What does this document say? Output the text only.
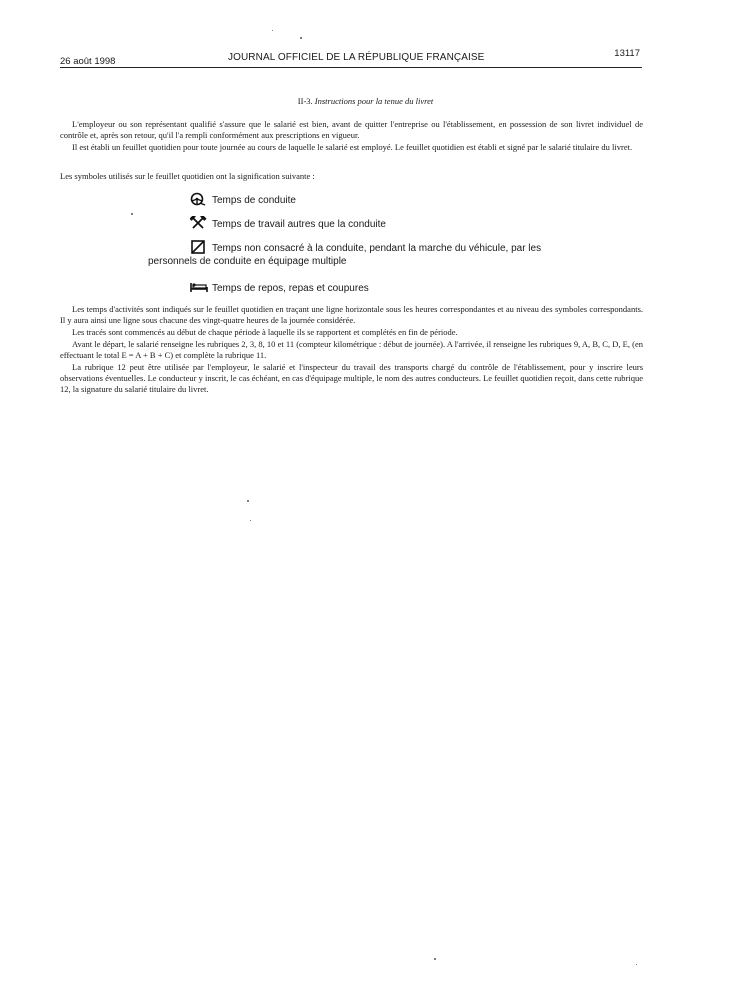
26 août 1998	JOURNAL OFFICIEL DE LA RÉPUBLIQUE FRANÇAISE	13117
II-3. Instructions pour la tenue du livret
L'employeur ou son représentant qualifié s'assure que le salarié est bien, avant de quitter l'entreprise ou l'établissement, en possession de son livret individuel de contrôle et, après son retour, qu'il l'a rempli conformément aux prescriptions en vigueur.
Il est établi un feuillet quotidien pour toute journée au cours de laquelle le salarié est employé. Le feuillet quotidien est établi et signé par le salarié titulaire du livret.
Les symboles utilisés sur le feuillet quotidien ont la signification suivante :
Temps de conduite
Temps de travail autres que la conduite
Temps non consacré à la conduite, pendant la marche du véhicule, par les
personnels de conduite en équipage multiple
Temps de repos, repas et coupures
Les temps d'activités sont indiqués sur le feuillet quotidien en traçant une ligne horizontale sous les heures correspondantes et au niveau des symboles correspondants. Il y aura ainsi une ligne sous chacune des vingt-quatre heures de la journée considérée.
Les tracés sont commencés au début de chaque période à laquelle ils se rapportent et complétés en fin de période.
Avant le départ, le salarié renseigne les rubriques 2, 3, 8, 10 et 11 (compteur kilométrique : début de journée). A l'arrivée, il renseigne les rubriques 9, A, B, C, D, E, (en effectuant le total E = A + B + C) et complète la rubrique 11.
La rubrique 12 peut être utilisée par l'employeur, le salarié et l'inspecteur du travail des transports chargé du contrôle de l'établissement, pour y inscrire leurs observations éventuelles. Le conducteur y inscrit, le cas échéant, en cas d'équipage multiple, le nom des autres conducteurs. Le feuillet quotidien reçoit, dans cette rubrique 12, la signature du salarié titulaire du livret.
